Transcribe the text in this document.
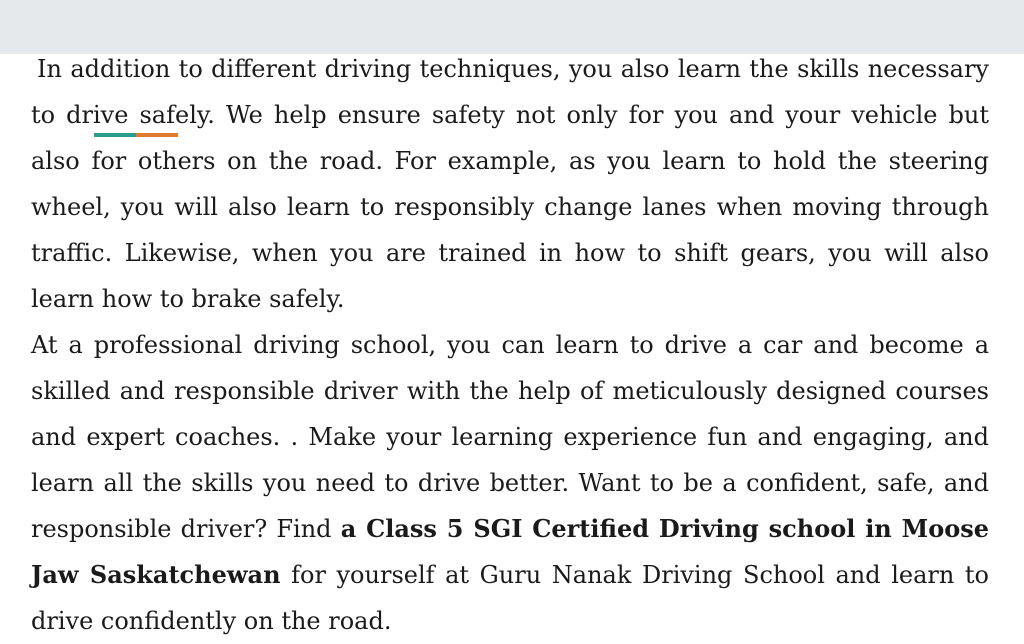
In addition to different driving techniques, you also learn the skills necessary to drive safely. We help ensure safety not only for you and your vehicle but also for others on the road. For example, as you learn to hold the steering wheel, you will also learn to responsibly change lanes when moving through traffic. Likewise, when you are trained in how to shift gears, you will also learn how to brake safely.

At a professional driving school, you can learn to drive a car and become a skilled and responsible driver with the help of meticulously designed courses and expert coaches. . Make your learning experience fun and engaging, and learn all the skills you need to drive better. Want to be a confident, safe, and responsible driver? Find a Class 5 SGI Certified Driving school in Moose Jaw Saskatchewan for yourself at Guru Nanak Driving School and learn to drive confidently on the road.
